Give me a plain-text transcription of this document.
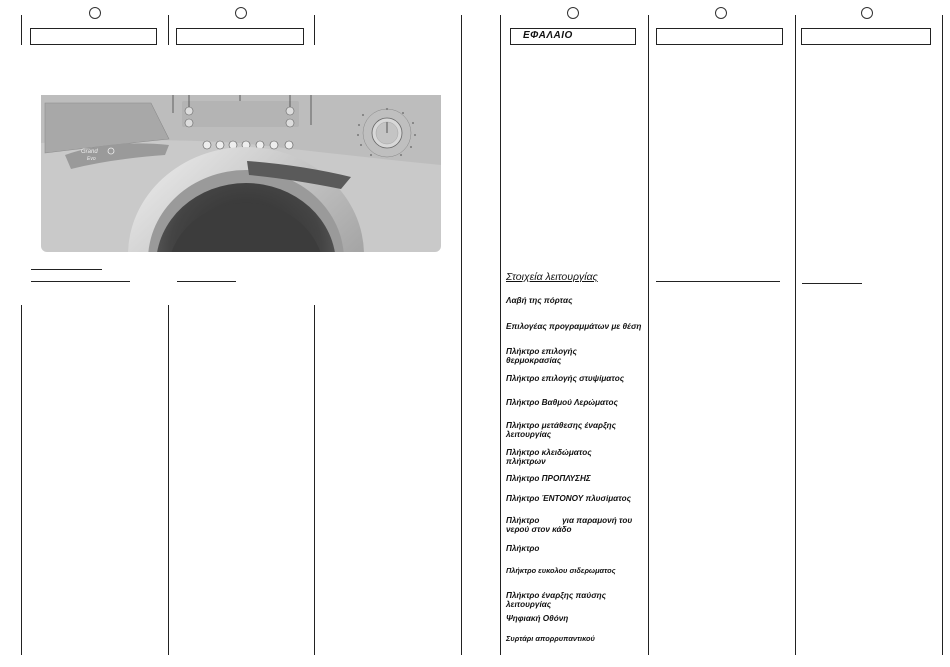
ΕΦΑΛΑΙΟ
Grand
Evo
Στοιχεία λειτουργίας
Λαβή της πόρτας
Επιλογέας προγραμμάτων με θέση
Πλήκτρο επιλογής θερμοκρασίας
Πλήκτρο επιλογής στυψίματος
Πλήκτρο Βαθμού Λερώματος
Πλήκτρο μετάθεσης έναρξης λειτουργίας
Πλήκτρο κλειδώματος πλήκτρων
Πλήκτρο ΠΡΟΠΛΥΣΗΣ
Πλήκτρο ΈΝΤΟΝΟΥ πλυσίματος
Πλήκτρο          για παραμονή του νερού στον κάδο
Πλήκτρο
Πλήκτρο ευκολου σιδερωματος
Πλήκτρο έναρξης παύσης λειτουργίας
Ψηφιακή Οθόνη
Συρτάρι απορρυπαντικού
